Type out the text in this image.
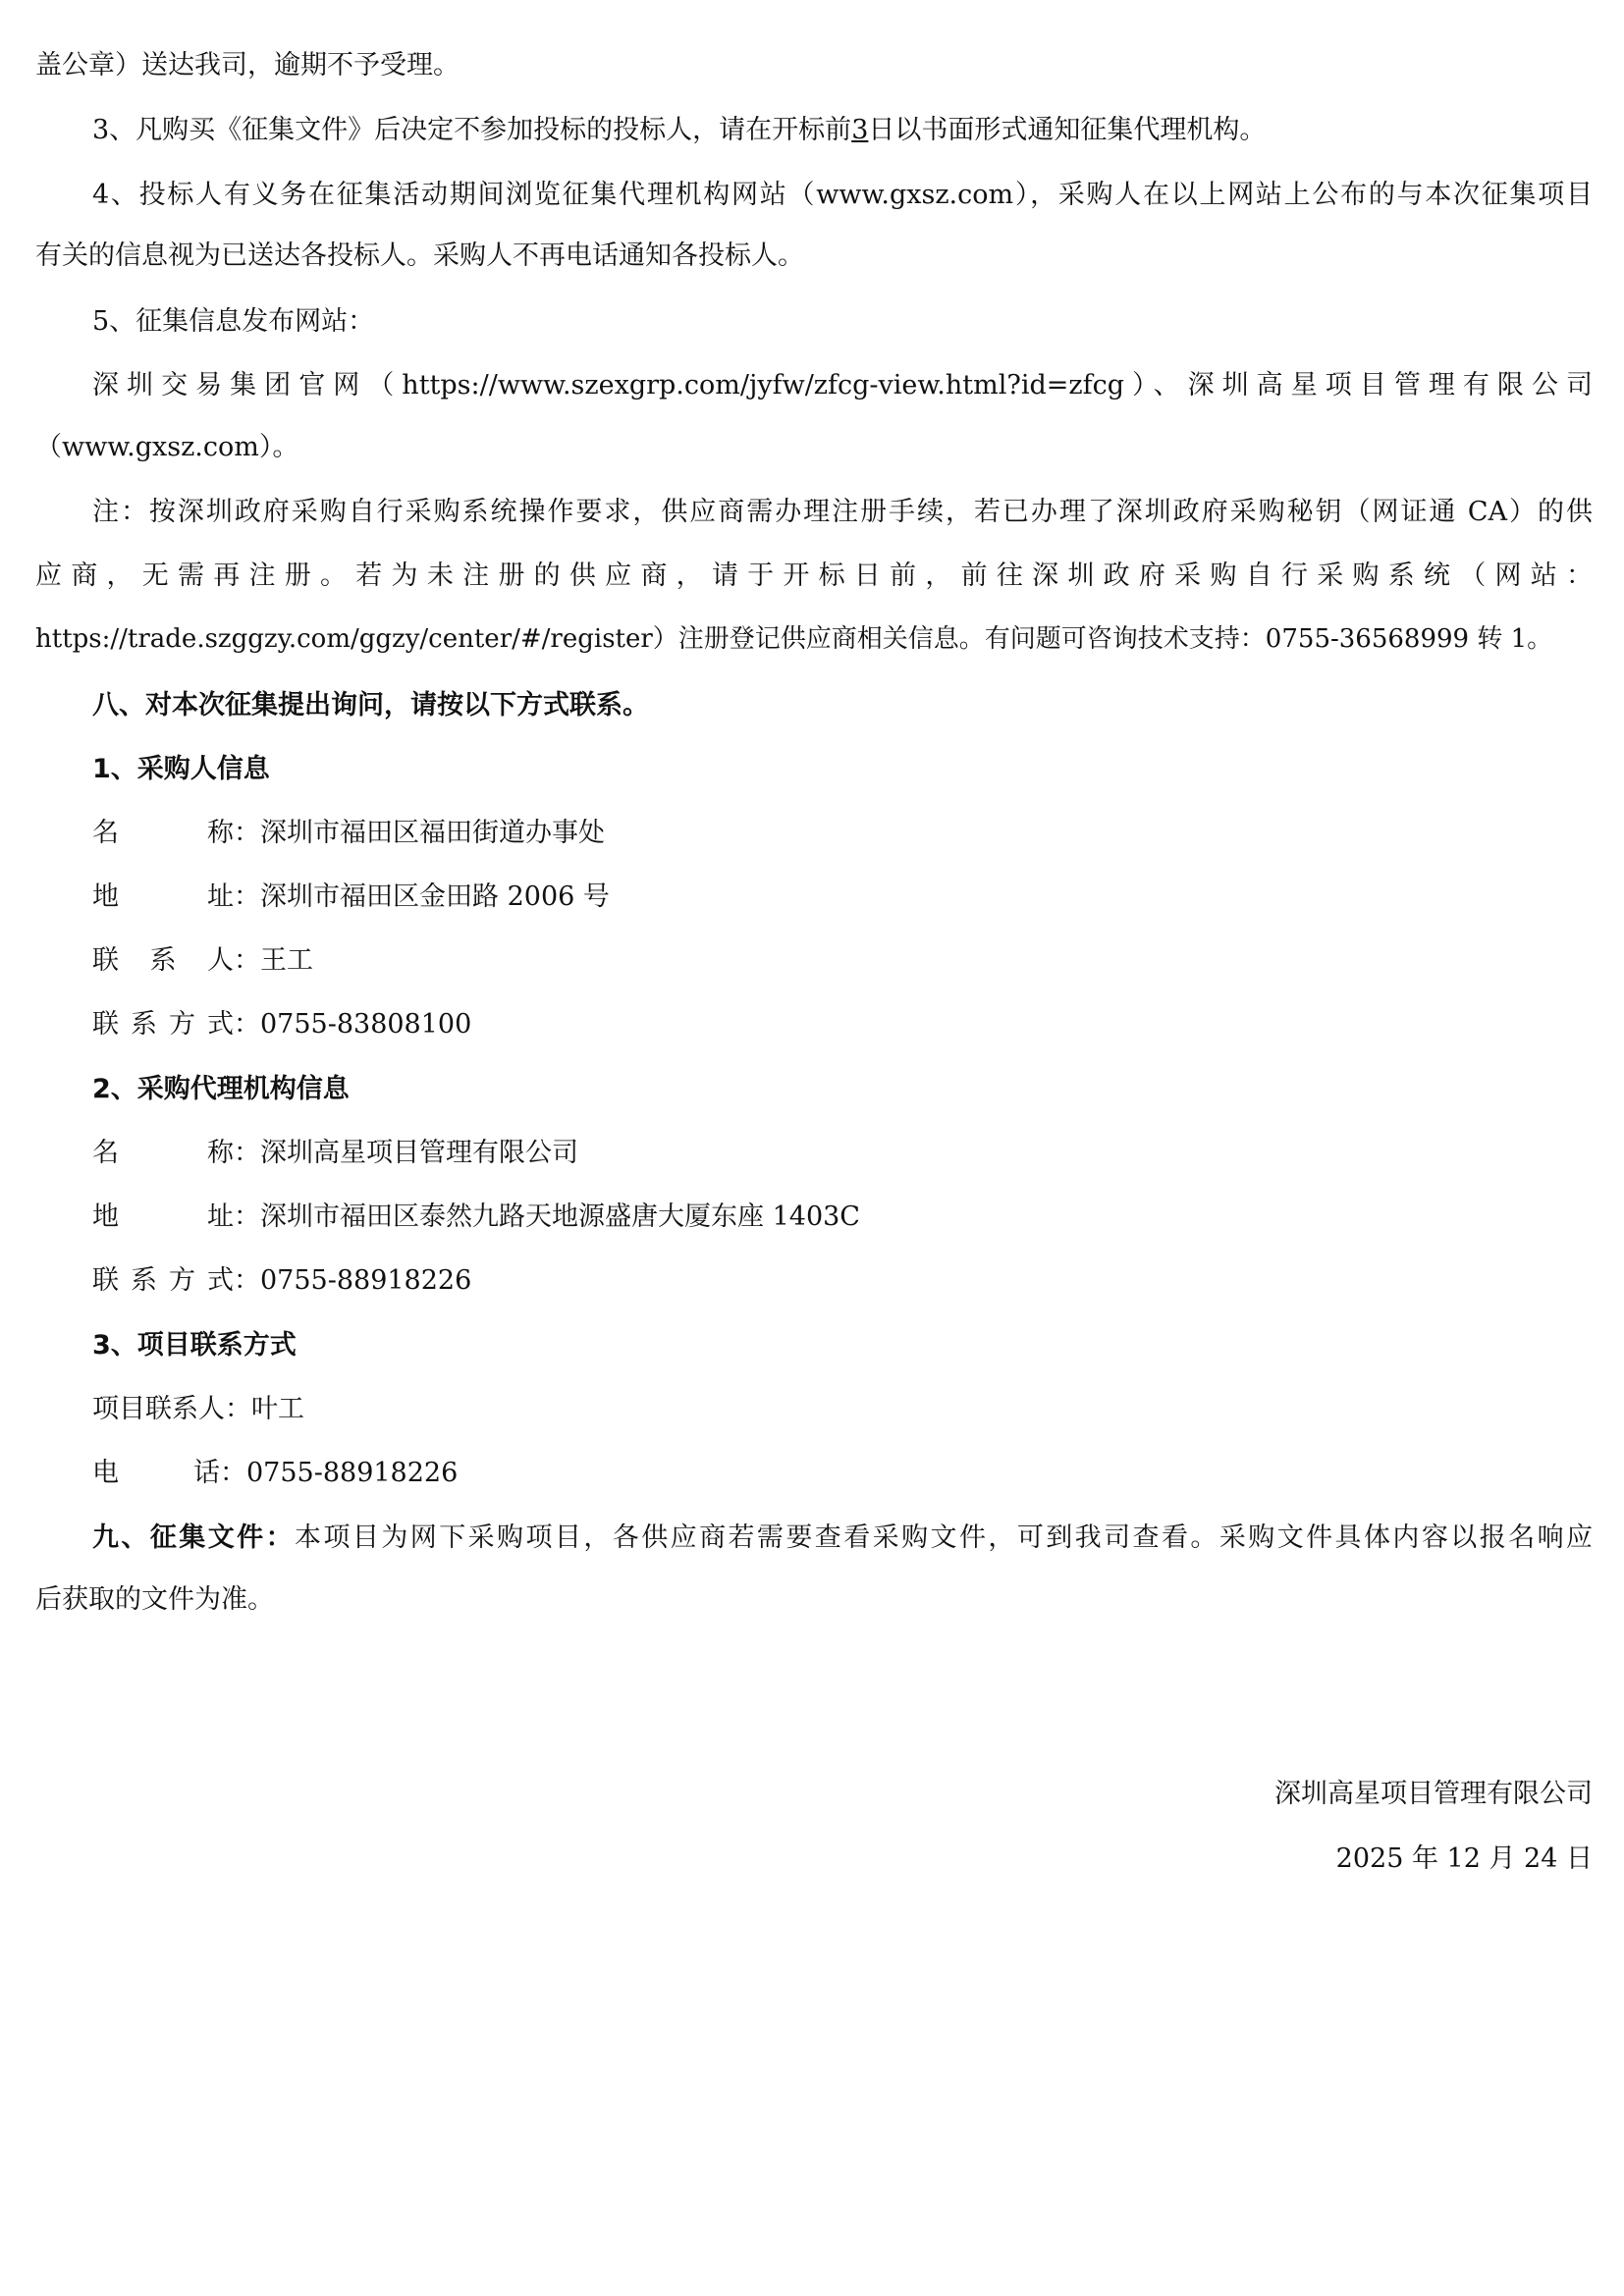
盖公章）送达我司，逾期不予受理。
3、凡购买《征集文件》后决定不参加投标的投标人，请在开标前3日以书面形式通知征集代理机构。
4、投标人有义务在征集活动期间浏览征集代理机构网站（www.gxsz.com），采购人在以上网站上公布的与本次征集项目
有关的信息视为已送达各投标人。采购人不再电话通知各投标人。
5、征集信息发布网站：
深圳交易集团官网（https://www.szexgrp.com/jyfw/zfcg-view.html?id=zfcg）、深圳高星项目管理有限公司
（www.gxsz.com）。
注：按深圳政府采购自行采购系统操作要求，供应商需办理注册手续，若已办理了深圳政府采购秘钥（网证通 CA）的供
应商，无需再注册。若为未注册的供应商，请于开标日前，前往深圳政府采购自行采购系统（网站：
https://trade.szggzy.com/ggzy/center/#/register）注册登记供应商相关信息。有问题可咨询技术支持：0755-36568999 转 1。
八、对本次征集提出询问，请按以下方式联系。
1、采购人信息
名称：深圳市福田区福田街道办事处
地址：深圳市福田区金田路 2006 号
联系人：王工
联系方式：0755-83808100
2、采购代理机构信息
名称：深圳高星项目管理有限公司
地址：深圳市福田区泰然九路天地源盛唐大厦东座 1403C
联系方式：0755-88918226
3、项目联系方式
项目联系人：叶工
电话：0755-88918226
九、征集文件：本项目为网下采购项目，各供应商若需要查看采购文件，可到我司查看。采购文件具体内容以报名响应
后获取的文件为准。
深圳高星项目管理有限公司
2025 年 12 月 24 日
